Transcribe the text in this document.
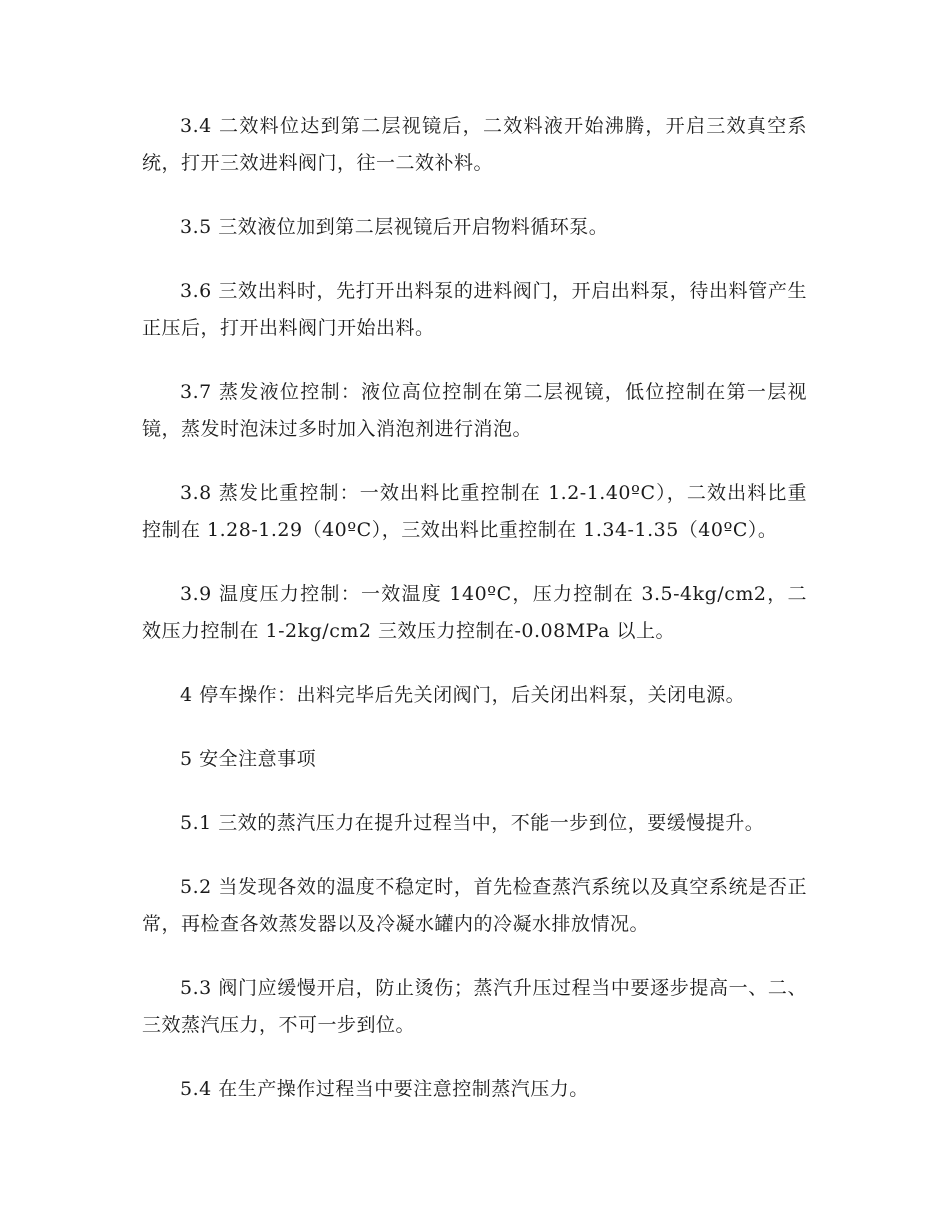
3.4 二效料位达到第二层视镜后，二效料液开始沸腾，开启三效真空系统，打开三效进料阀门，往一二效补料。

3.5 三效液位加到第二层视镜后开启物料循环泵。

3.6 三效出料时，先打开出料泵的进料阀门，开启出料泵，待出料管产生正压后，打开出料阀门开始出料。

3.7 蒸发液位控制：液位高位控制在第二层视镜，低位控制在第一层视镜，蒸发时泡沫过多时加入消泡剂进行消泡。

3.8 蒸发比重控制：一效出料比重控制在 1.2-1.40ºC），二效出料比重控制在 1.28-1.29（40ºC），三效出料比重控制在 1.34-1.35（40ºC）。

3.9 温度压力控制：一效温度 140ºC，压力控制在 3.5-4kg/cm2，二效压力控制在 1-2kg/cm2 三效压力控制在-0.08MPa 以上。

4 停车操作：出料完毕后先关闭阀门，后关闭出料泵，关闭电源。

5 安全注意事项

5.1 三效的蒸汽压力在提升过程当中，不能一步到位，要缓慢提升。

5.2 当发现各效的温度不稳定时，首先检查蒸汽系统以及真空系统是否正常，再检查各效蒸发器以及冷凝水罐内的冷凝水排放情况。

5.3 阀门应缓慢开启，防止烫伤；蒸汽升压过程当中要逐步提高一、二、三效蒸汽压力，不可一步到位。

5.4 在生产操作过程当中要注意控制蒸汽压力。
